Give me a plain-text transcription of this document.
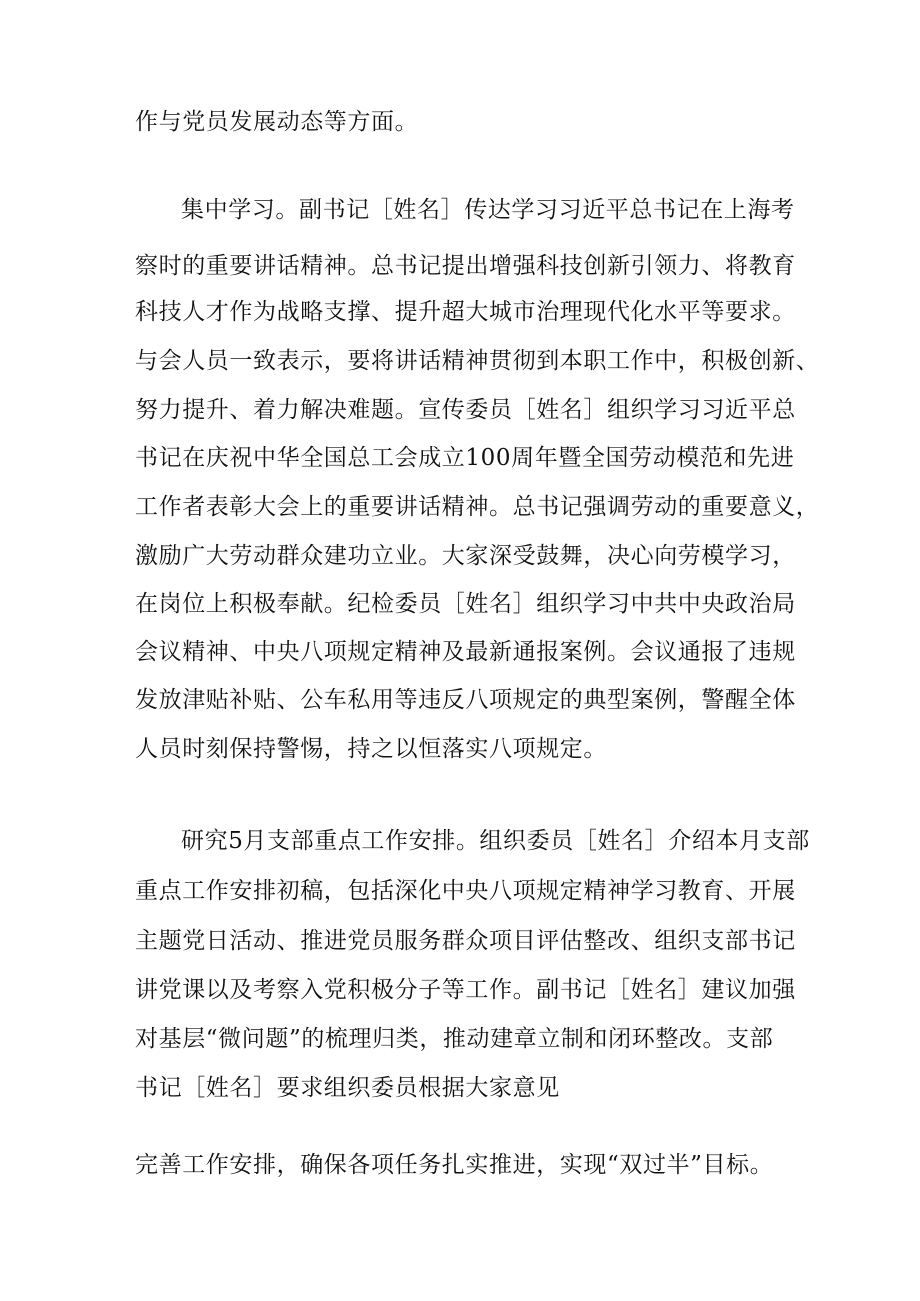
作与党员发展动态等方面。

集中学习。副书记［姓名］传达学习习近平总书记在上海考

察时的重要讲话精神。总书记提出增强科技创新引领力、将教育

科技人才作为战略支撑、提升超大城市治理现代化水平等要求。

与会人员一致表示，要将讲话精神贯彻到本职工作中，积极创新、

努力提升、着力解决难题。宣传委员［姓名］组织学习习近平总

书记在庆祝中华全国总工会成立100周年暨全国劳动模范和先进

工作者表彰大会上的重要讲话精神。总书记强调劳动的重要意义，

激励广大劳动群众建功立业。大家深受鼓舞，决心向劳模学习，

在岗位上积极奉献。纪检委员［姓名］组织学习中共中央政治局

会议精神、中央八项规定精神及最新通报案例。会议通报了违规

发放津贴补贴、公车私用等违反八项规定的典型案例，警醒全体

人员时刻保持警惕，持之以恒落实八项规定。

研究5月支部重点工作安排。组织委员［姓名］介绍本月支部

重点工作安排初稿，包括深化中央八项规定精神学习教育、开展

主题党日活动、推进党员服务群众项目评估整改、组织支部书记

讲党课以及考察入党积极分子等工作。副书记［姓名］建议加强

对基层“微问题”的梳理归类，推动建章立制和闭环整改。支部

书记［姓名］要求组织委员根据大家意见

完善工作安排，确保各项任务扎实推进，实现“双过半”目标。
